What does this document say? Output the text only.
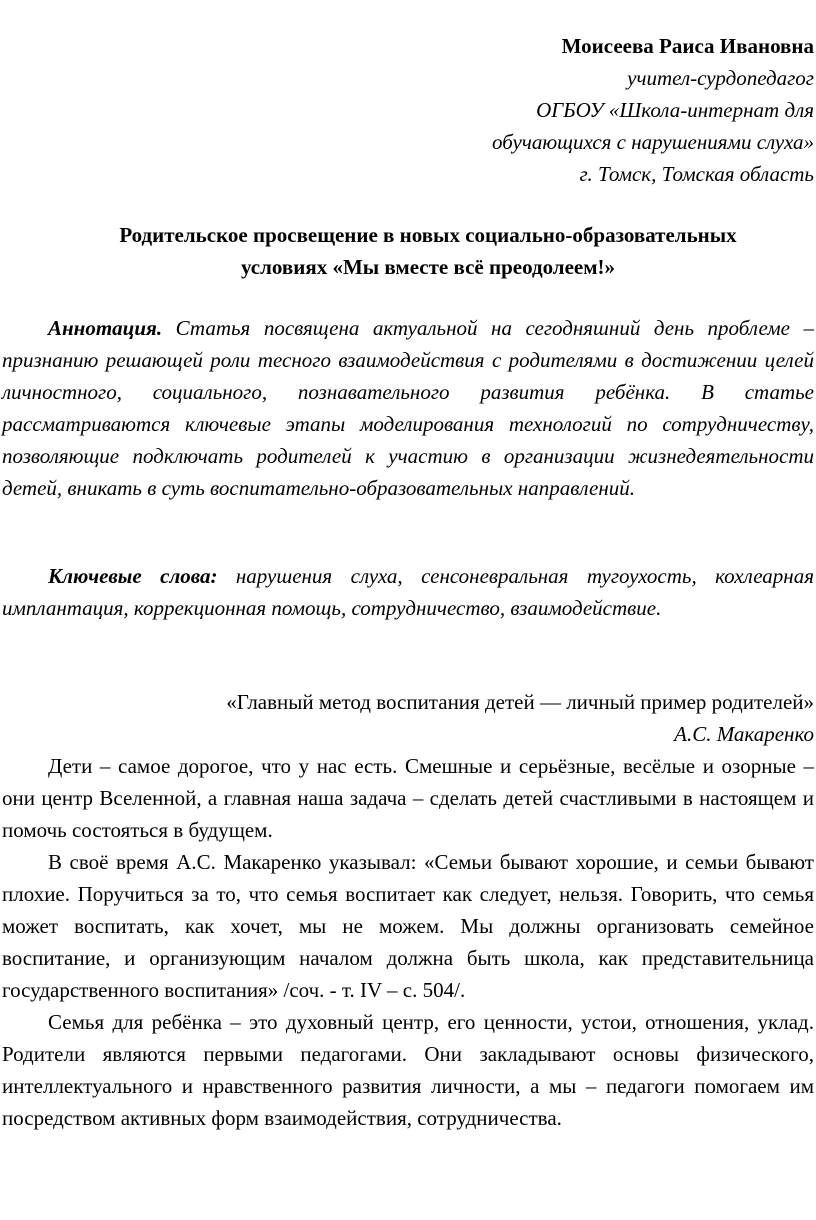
Моисеева Раиса Ивановна
учител-сурдопедагог
ОГБОУ «Школа-интернат для
обучающихся с нарушениями слуха»
г. Томск, Томская область
Родительское просвещение в новых социально-образовательных
условиях «Мы вместе всё преодолеем!»
Аннотация. Статья посвящена актуальной на сегодняшний день проблеме – признанию решающей роли тесного взаимодействия с родителями в достижении целей личностного, социального, познавательного развития ребёнка. В статье рассматриваются ключевые этапы моделирования технологий по сотрудничеству, позволяющие подключать родителей к участию в организации жизнедеятельности детей, вникать в суть воспитательно-образовательных направлений.
Ключевые слова: нарушения слуха, сенсоневральная тугоухость, кохлеарная имплантация, коррекционная помощь, сотрудничество, взаимодействие.
«Главный метод воспитания детей — личный пример родителей»
А.С. Макаренко

Дети – самое дорогое, что у нас есть. Смешные и серьёзные, весёлые и озорные – они центр Вселенной, а главная наша задача – сделать детей счастливыми в настоящем и помочь состояться в будущем.

В своё время А.С. Макаренко указывал: «Семьи бывают хорошие, и семьи бывают плохие. Поручиться за то, что семья воспитает как следует, нельзя. Говорить, что семья может воспитать, как хочет, мы не можем. Мы должны организовать семейное воспитание, и организующим началом должна быть школа, как представительница государственного воспитания» /соч. - т. IV – с. 504/.

Семья для ребёнка – это духовный центр, его ценности, устои, отношения, уклад. Родители являются первыми педагогами. Они закладывают основы физического, интеллектуального и нравственного развития личности, а мы – педагоги помогаем им посредством активных форм взаимодействия, сотрудничества.
